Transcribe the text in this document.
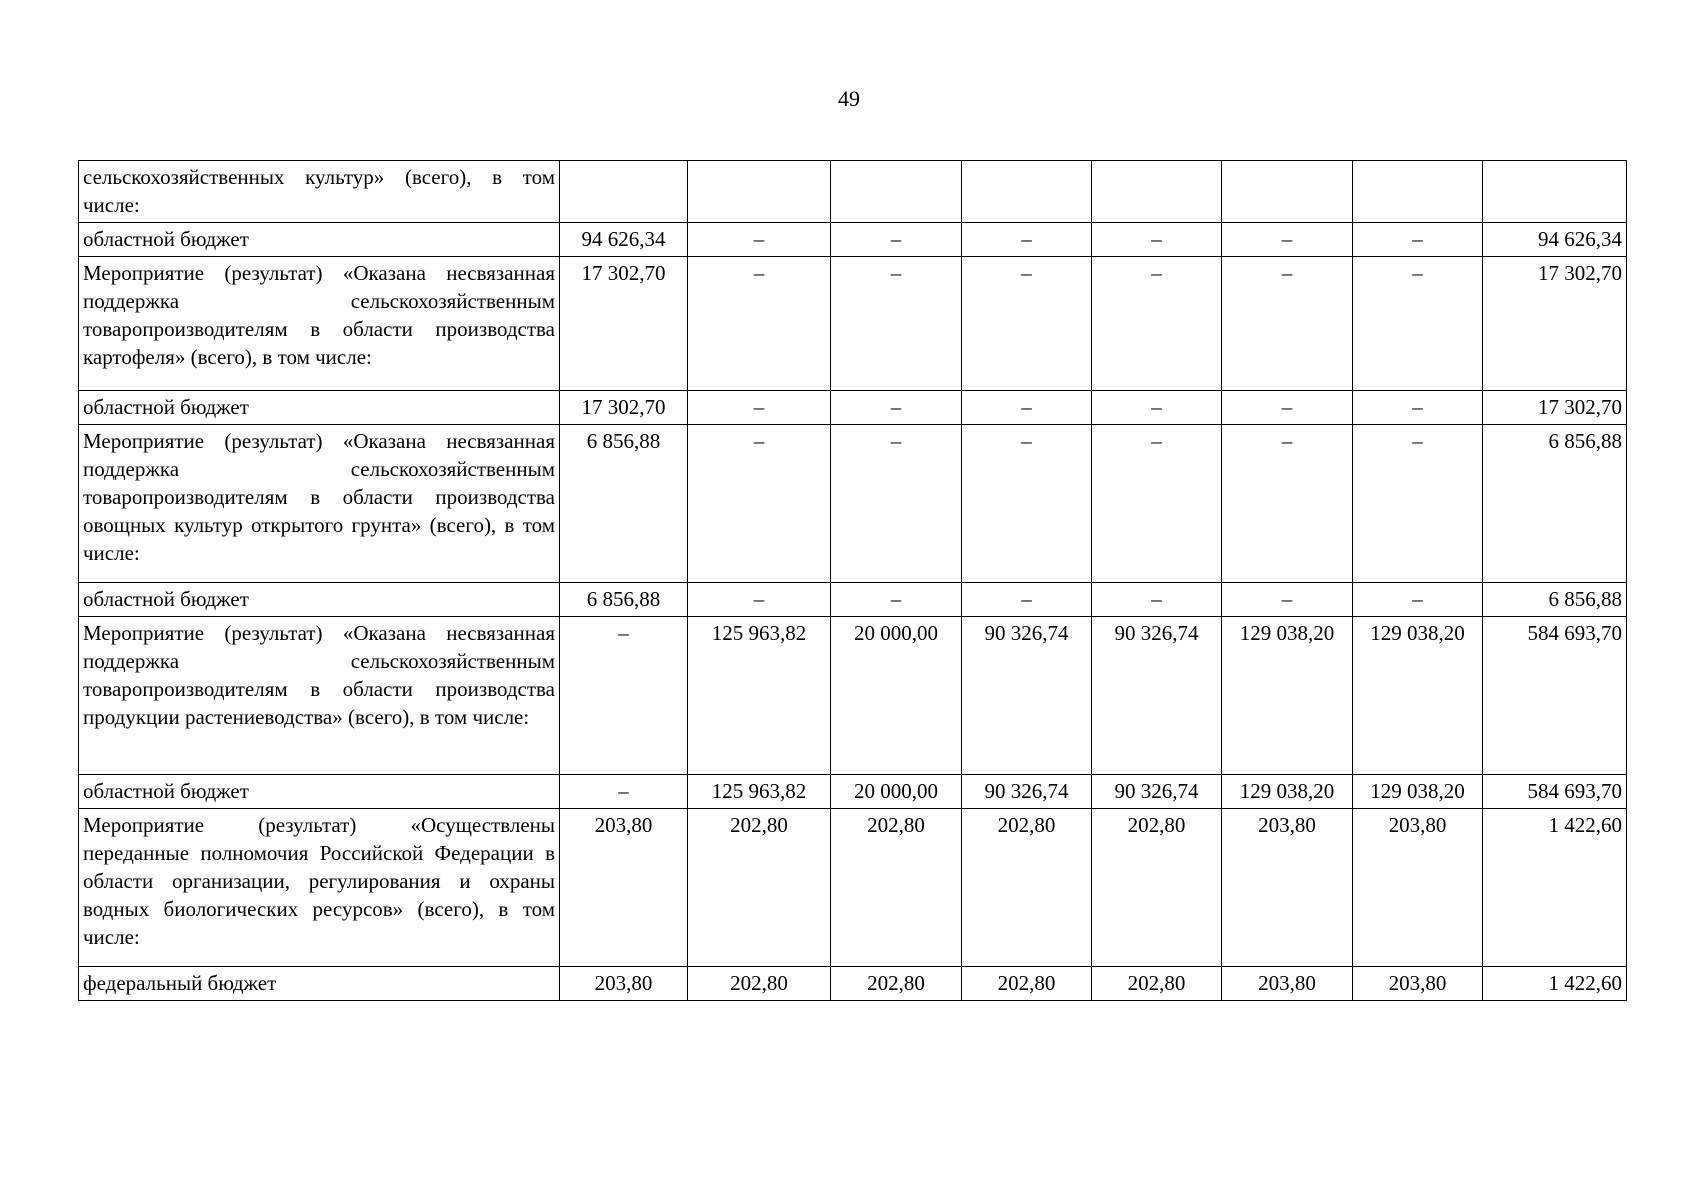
49
сельскохозяйственных культур» (всего), в том числе:								
областной бюджет	94 626,34	–	–	–	–	–	–	94 626,34
Мероприятие (результат) «Оказана несвязанная поддержка сельскохозяйственным товаропроизводителям в области производства картофеля» (всего), в том числе:	17 302,70	–	–	–	–	–	–	17 302,70
областной бюджет	17 302,70	–	–	–	–	–	–	17 302,70
Мероприятие (результат) «Оказана несвязанная поддержка сельскохозяйственным товаропроизводителям в области производства овощных культур открытого грунта» (всего), в том числе:	6 856,88	–	–	–	–	–	–	6 856,88
областной бюджет	6 856,88	–	–	–	–	–	–	6 856,88
Мероприятие (результат) «Оказана несвязанная поддержка сельскохозяйственным товаропроизводителям в области производства продукции растениеводства» (всего), в том числе:	–	125 963,82	20 000,00	90 326,74	90 326,74	129 038,20	129 038,20	584 693,70
областной бюджет	–	125 963,82	20 000,00	90 326,74	90 326,74	129 038,20	129 038,20	584 693,70
Мероприятие (результат) «Осуществлены переданные полномочия Российской Федерации в области организации, регулирования и охраны водных биологических ресурсов» (всего), в том числе:	203,80	202,80	202,80	202,80	202,80	203,80	203,80	1 422,60
федеральный бюджет	203,80	202,80	202,80	202,80	202,80	203,80	203,80	1 422,60
